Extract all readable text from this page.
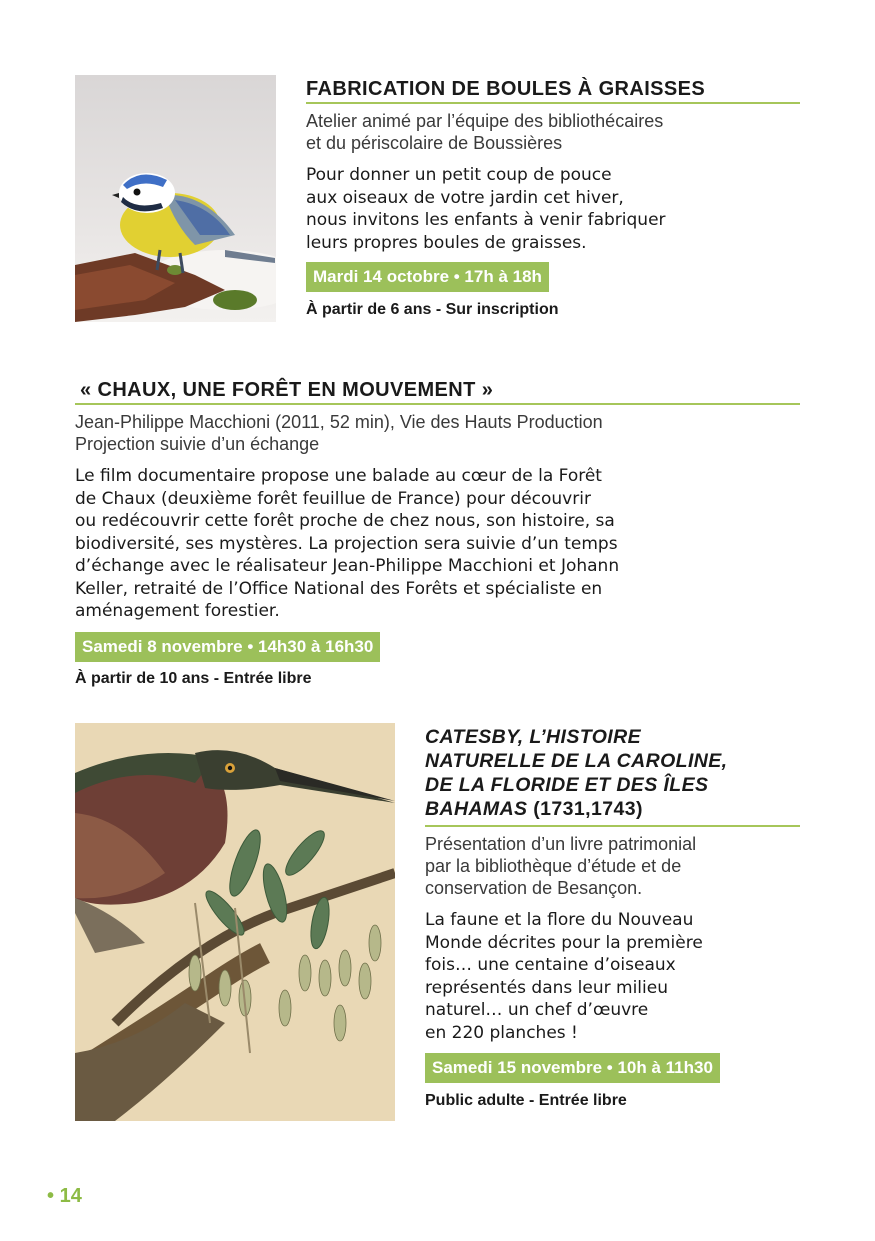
FABRICATION DE BOULES À GRAISSES
Atelier animé par l’équipe des bibliothécaires
et du périscolaire de Boussières
Pour donner un petit coup de pouce
aux oiseaux de votre jardin cet hiver,
nous invitons les enfants à venir fabriquer
leurs propres boules de graisses.
Mardi 14 octobre • 17h à 18h
À partir de 6 ans - Sur inscription
« CHAUX, UNE FORÊT EN MOUVEMENT »
Jean-Philippe Macchioni (2011, 52 min), Vie des Hauts Production
Projection suivie d’un échange
Le film documentaire propose une balade au cœur de la Forêt
de Chaux (deuxième forêt feuillue de France) pour découvrir
ou redécouvrir cette forêt proche de chez nous, son histoire, sa
biodiversité, ses mystères. La projection sera suivie d’un temps
d’échange avec le réalisateur Jean-Philippe Macchioni et Johann
Keller, retraité de l’Office National des Forêts et spécialiste en
aménagement forestier.
Samedi 8 novembre • 14h30 à 16h30
À partir de 10 ans - Entrée libre
CATESBY, L’HISTOIRE
NATURELLE DE LA CAROLINE,
DE LA FLORIDE ET DES ÎLES
BAHAMAS (1731,1743)
Présentation d’un livre patrimonial
par la bibliothèque d’étude et de
conservation de Besançon.
La faune et la flore du Nouveau
Monde décrites pour la première
fois… une centaine d’oiseaux
représentés dans leur milieu
naturel… un chef d’œuvre
en 220 planches !
Samedi 15 novembre • 10h à 11h30
Public adulte - Entrée libre
• 14
